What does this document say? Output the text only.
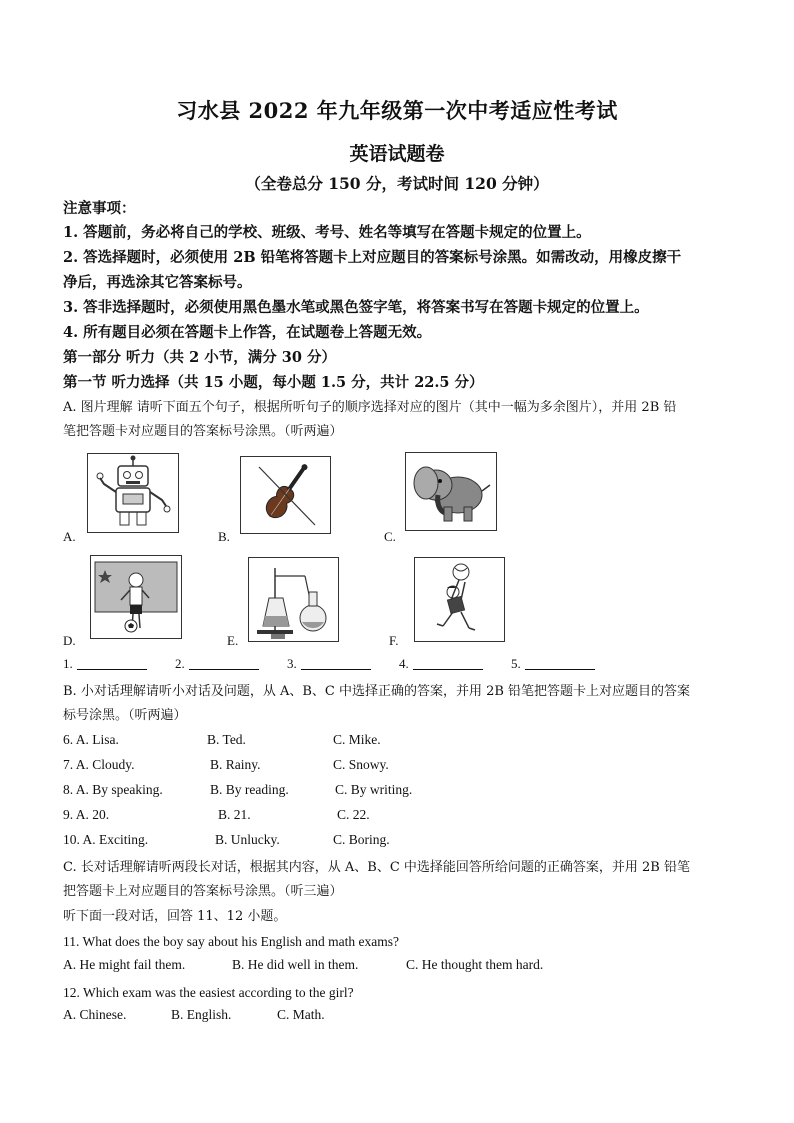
习水县 2022 年九年级第一次中考适应性考试
英语试题卷
（全卷总分 150 分，考试时间 120 分钟）
注意事项：
1. 答题前，务必将自己的学校、班级、考号、姓名等填写在答题卡规定的位置上。
2. 答选择题时，必须使用 2B 铅笔将答题卡上对应题目的答案标号涂黑。如需改动，用橡皮擦干
净后，再选涂其它答案标号。
3. 答非选择题时，必须使用黑色墨水笔或黑色签字笔，将答案书写在答题卡规定的位置上。
4. 所有题目必须在答题卡上作答，在试题卷上答题无效。
第一部分 听力（共 2 小节，满分 30 分）
第一节 听力选择（共 15 小题，每小题 1.5 分，共计 22.5 分）
A. 图片理解 请听下面五个句子，根据所听句子的顺序选择对应的图片（其中一幅为多余图片），并用 2B 铅
笔把答题卡对应题目的答案标号涂黑。（听两遍）
A.	B.	C.
D.	E.	F.
1.	2.	3.	4.	5.
B. 小对话理解请听小对话及问题，从 A、B、C 中选择正确的答案，并用 2B 铅笔把答题卡上对应题目的答案
标号涂黑。（听两遍）
6. A. Lisa.	B. Ted.	C. Mike.
7. A. Cloudy.	B. Rainy.	C. Snowy.
8. A. By speaking.	B. By reading.	C. By writing.
9. A. 20.	B. 21.	C. 22.
10. A. Exciting.	B. Unlucky.	C. Boring.
C. 长对话理解请听两段长对话，根据其内容，从 A、B、C 中选择能回答所给问题的正确答案，并用 2B 铅笔
把答题卡上对应题目的答案标号涂黑。（听三遍）
听下面一段对话，回答 11、12 小题。
11. What does the boy say about his English and math exams?
A. He might fail them.	B. He did well in them.	C. He thought them hard.
12. Which exam was the easiest according to the girl?
A. Chinese.	B. English.	C. Math.
